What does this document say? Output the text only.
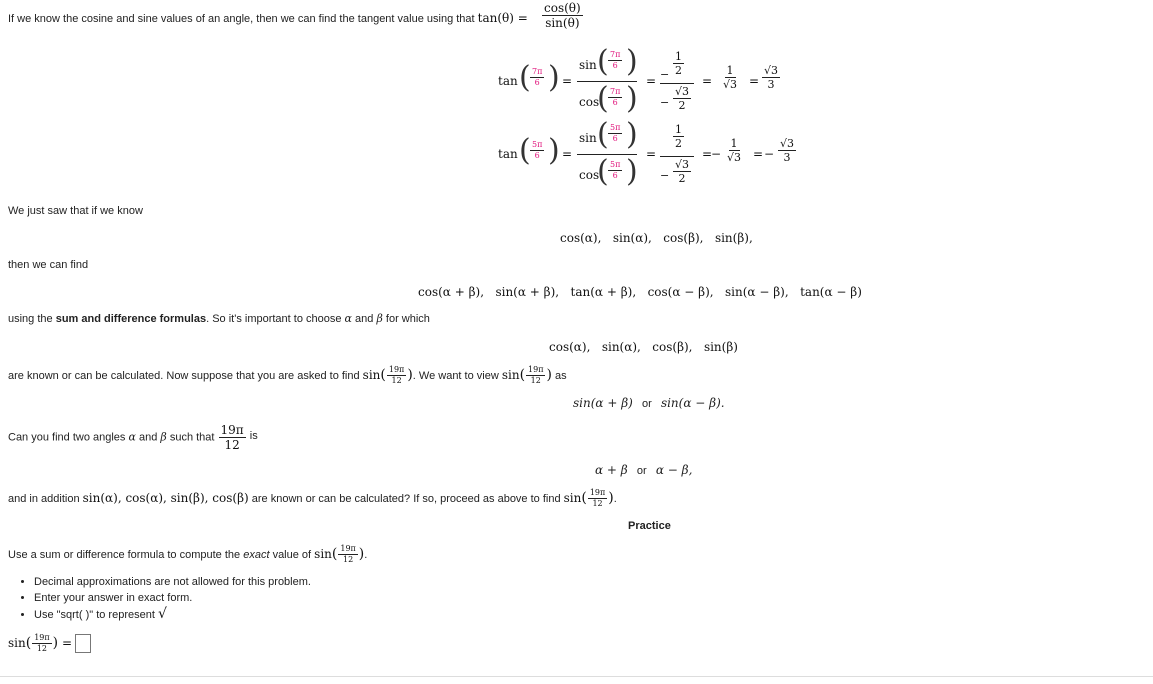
If we know the cosine and sine values of an angle, then we can find the tangent value using that $\tan(\theta) = \frac{\cos(\theta)}{\sin(\theta)}$
tan ( $\frac{7\pi}{6}$ ) =
sin ( $\frac{7\pi}{6}$ )
cos
( $\frac{7\pi}{6}$ ) = − $\frac{1}{2}$
− $\frac{√3}{2}$
= $\frac{1}{√3} = \frac{√3}{3}$
tan ( $\frac{5\pi}{6}$ ) =
sin ( $\frac{5\pi}{6}$ )
cos
( $\frac{5\pi}{6}$ ) =
$\frac{1}{2}$
− $\frac{√3}{2}$
=
− $\frac{1}{√3}$ = − $\frac{√3}{3}$
We just saw that if we know
cos(α),   sin(α),   cos(β),   sin(β),
then we can find
cos(α + β),   sin(α + β),   tan(α + β),   cos(α − β),   sin(α − β),   tan(α − β)
using the sum and difference formulas. So it's important to choose α and β for which
cos(α),   sin(α),   cos(β),   sin(β)
are known or can be calculated. Now suppose that you are asked to find $\sin( \frac{19\pi}{12}$ ). We want to view $\sin( \frac{19\pi}{12}$ ) as
sin(α + β) or sin(α − β).
Can you find two angles α and β such that $\frac{19\pi}{12}$ is
α + β or α − β,
and in addition sin(α), cos(α), sin(β), cos(β) are known or can be calculated? If so, proceed as above to find $\sin( \frac{19\pi}{12}$ ).
Practice
Use a sum or difference formula to compute the exact value of $\sin( \frac{19\pi}{12}$ ).
• Decimal approximations are not allowed for this problem.
• Enter your answer in exact form.
• Use "sqrt( )" to represent √
$\sin( \frac{19\pi}{12}$ ) =
